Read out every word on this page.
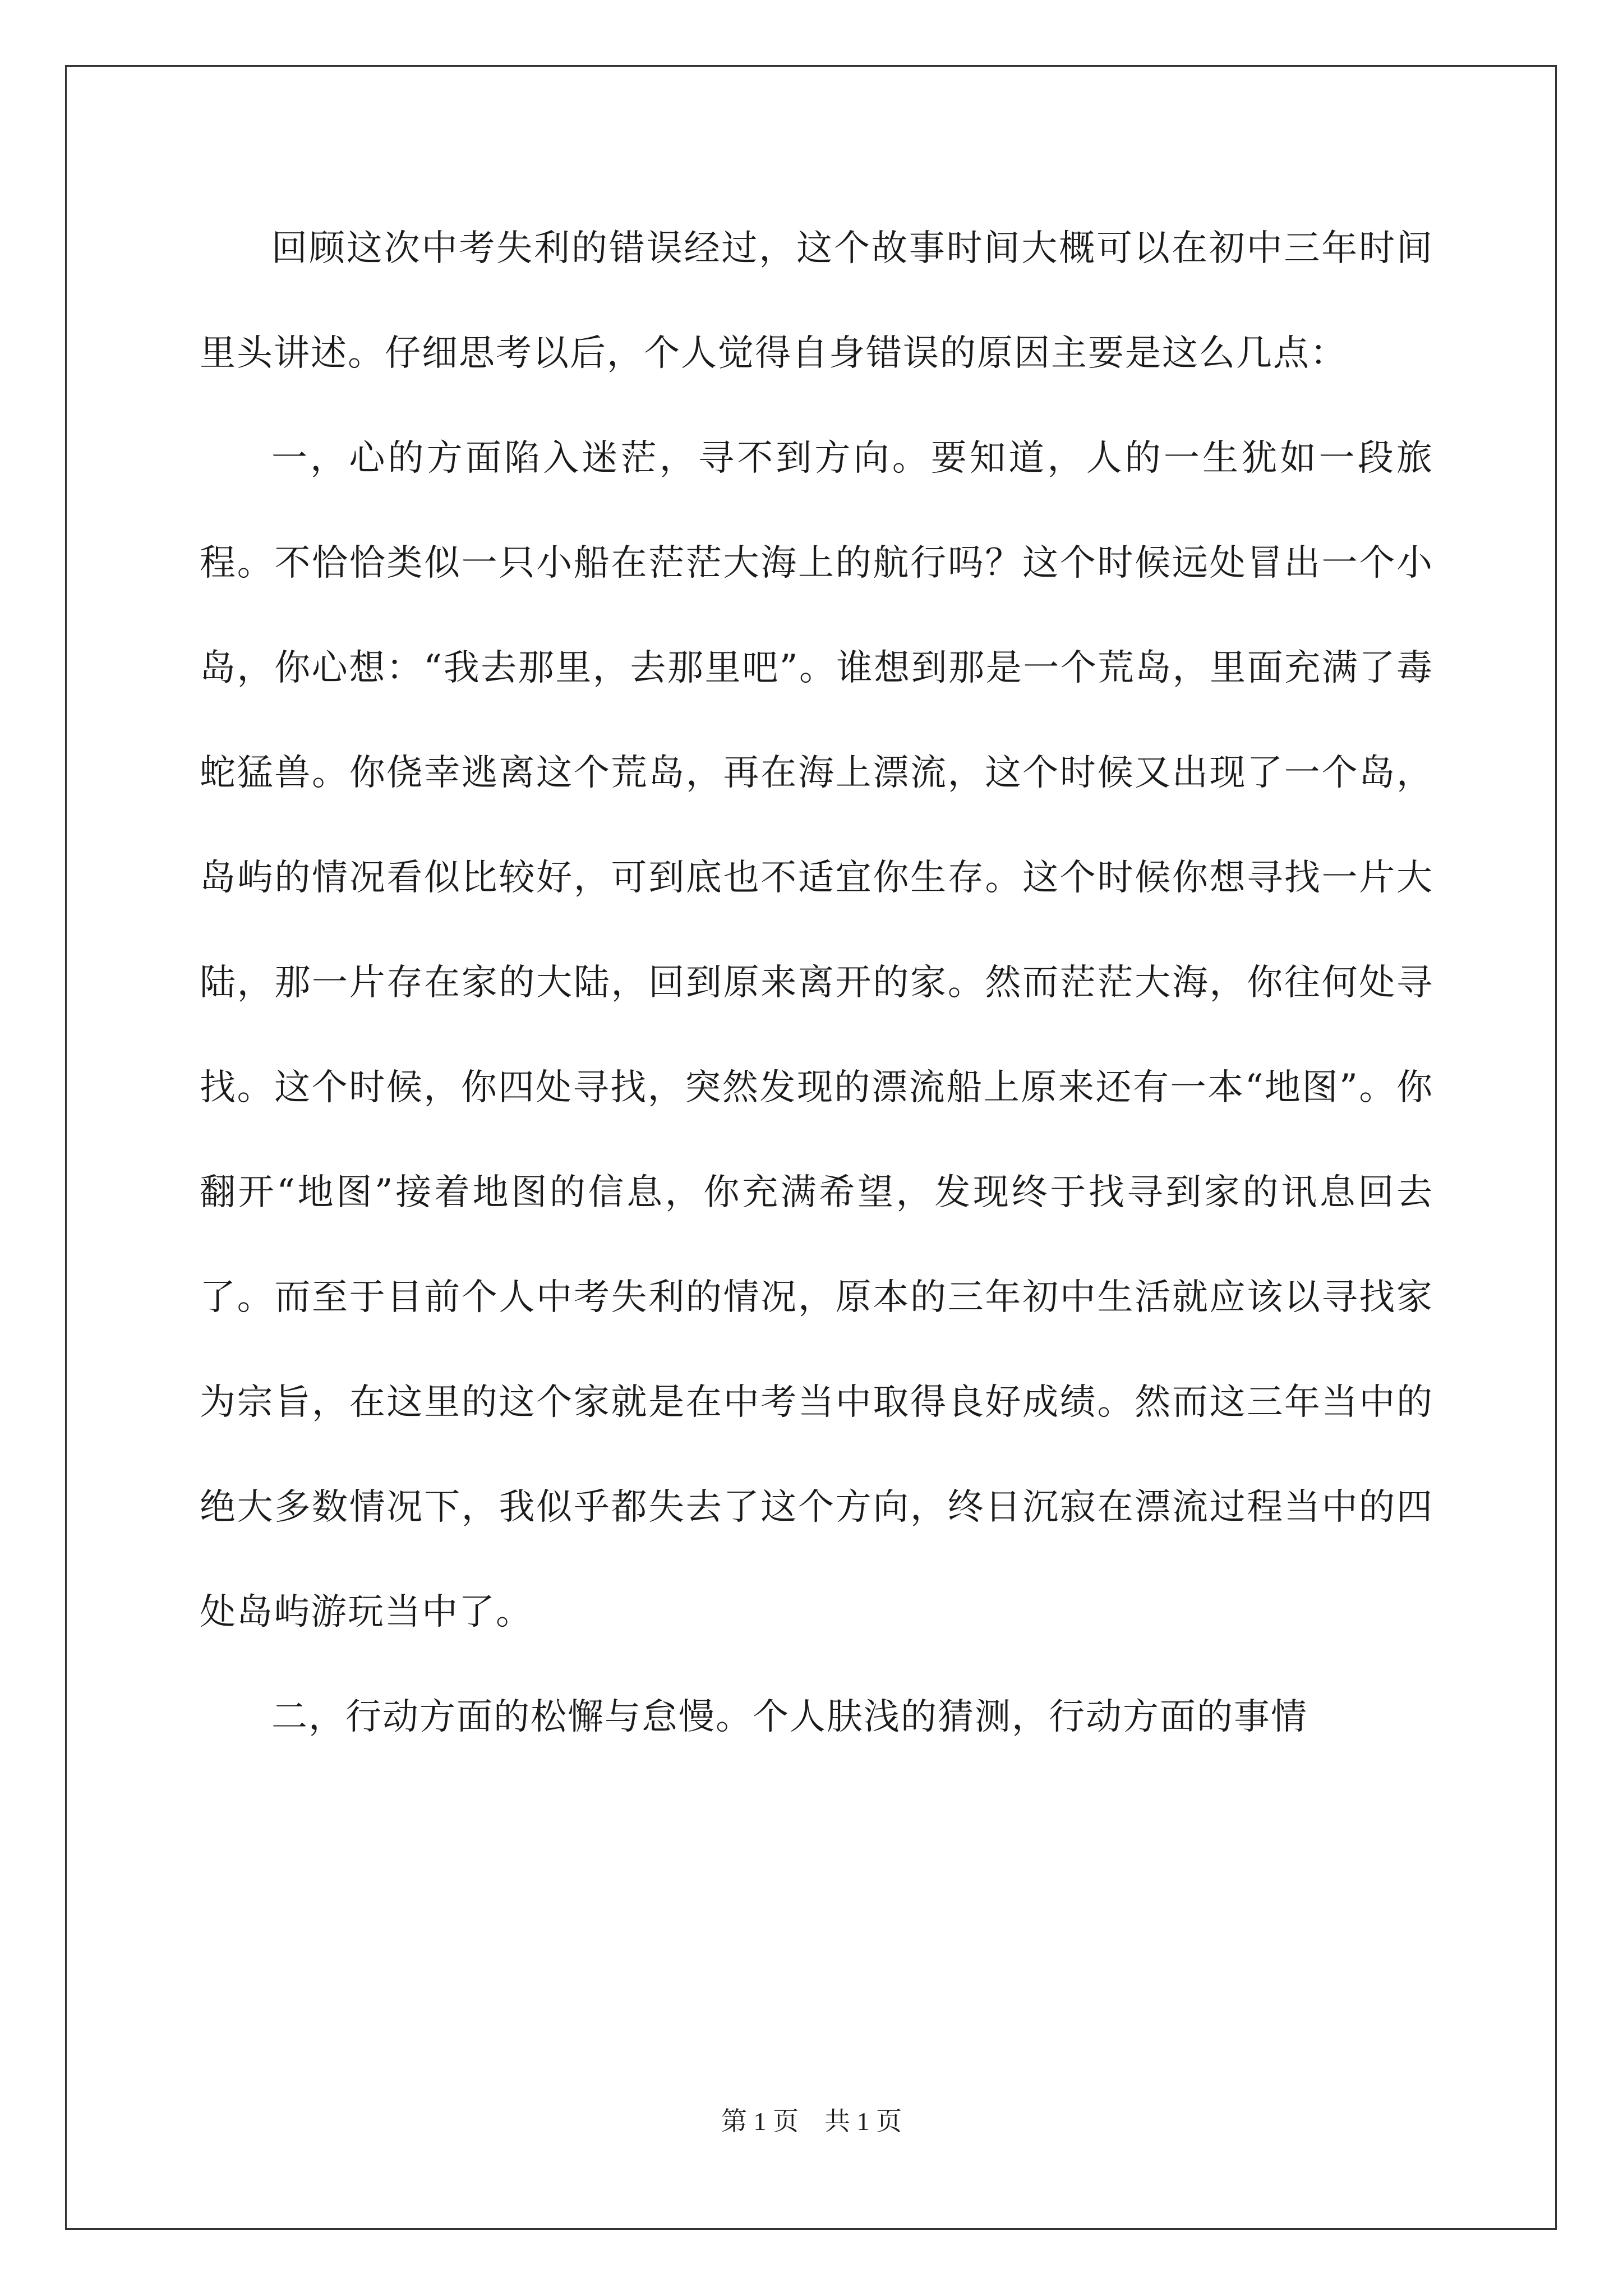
回顾这次中考失利的错误经过，这个故事时间大概可以在初中三年时间里头讲述。仔细思考以后，个人觉得自身错误的原因主要是这么几点：

一，心的方面陷入迷茫，寻不到方向。要知道，人的一生犹如一段旅程。不恰恰类似一只小船在茫茫大海上的航行吗？这个时候远处冒出一个小岛，你心想：“我去那里，去那里吧”。谁想到那是一个荒岛，里面充满了毒蛇猛兽。你侥幸逃离这个荒岛，再在海上漂流，这个时候又出现了一个岛，岛屿的情况看似比较好，可到底也不适宜你生存。这个时候你想寻找一片大陆，那一片存在家的大陆，回到原来离开的家。然而茫茫大海，你往何处寻找。这个时候，你四处寻找，突然发现的漂流船上原来还有一本“地图”。你翻开“地图”接着地图的信息，你充满希望，发现终于找寻到家的讯息回去了。而至于目前个人中考失利的情况，原本的三年初中生活就应该以寻找家为宗旨，在这里的这个家就是在中考当中取得良好成绩。然而这三年当中的绝大多数情况下，我似乎都失去了这个方向，终日沉寂在漂流过程当中的四处岛屿游玩当中了。

二，行动方面的松懈与怠慢。个人肤浅的猜测，行动方面的事情

第 1 页    共 1 页
